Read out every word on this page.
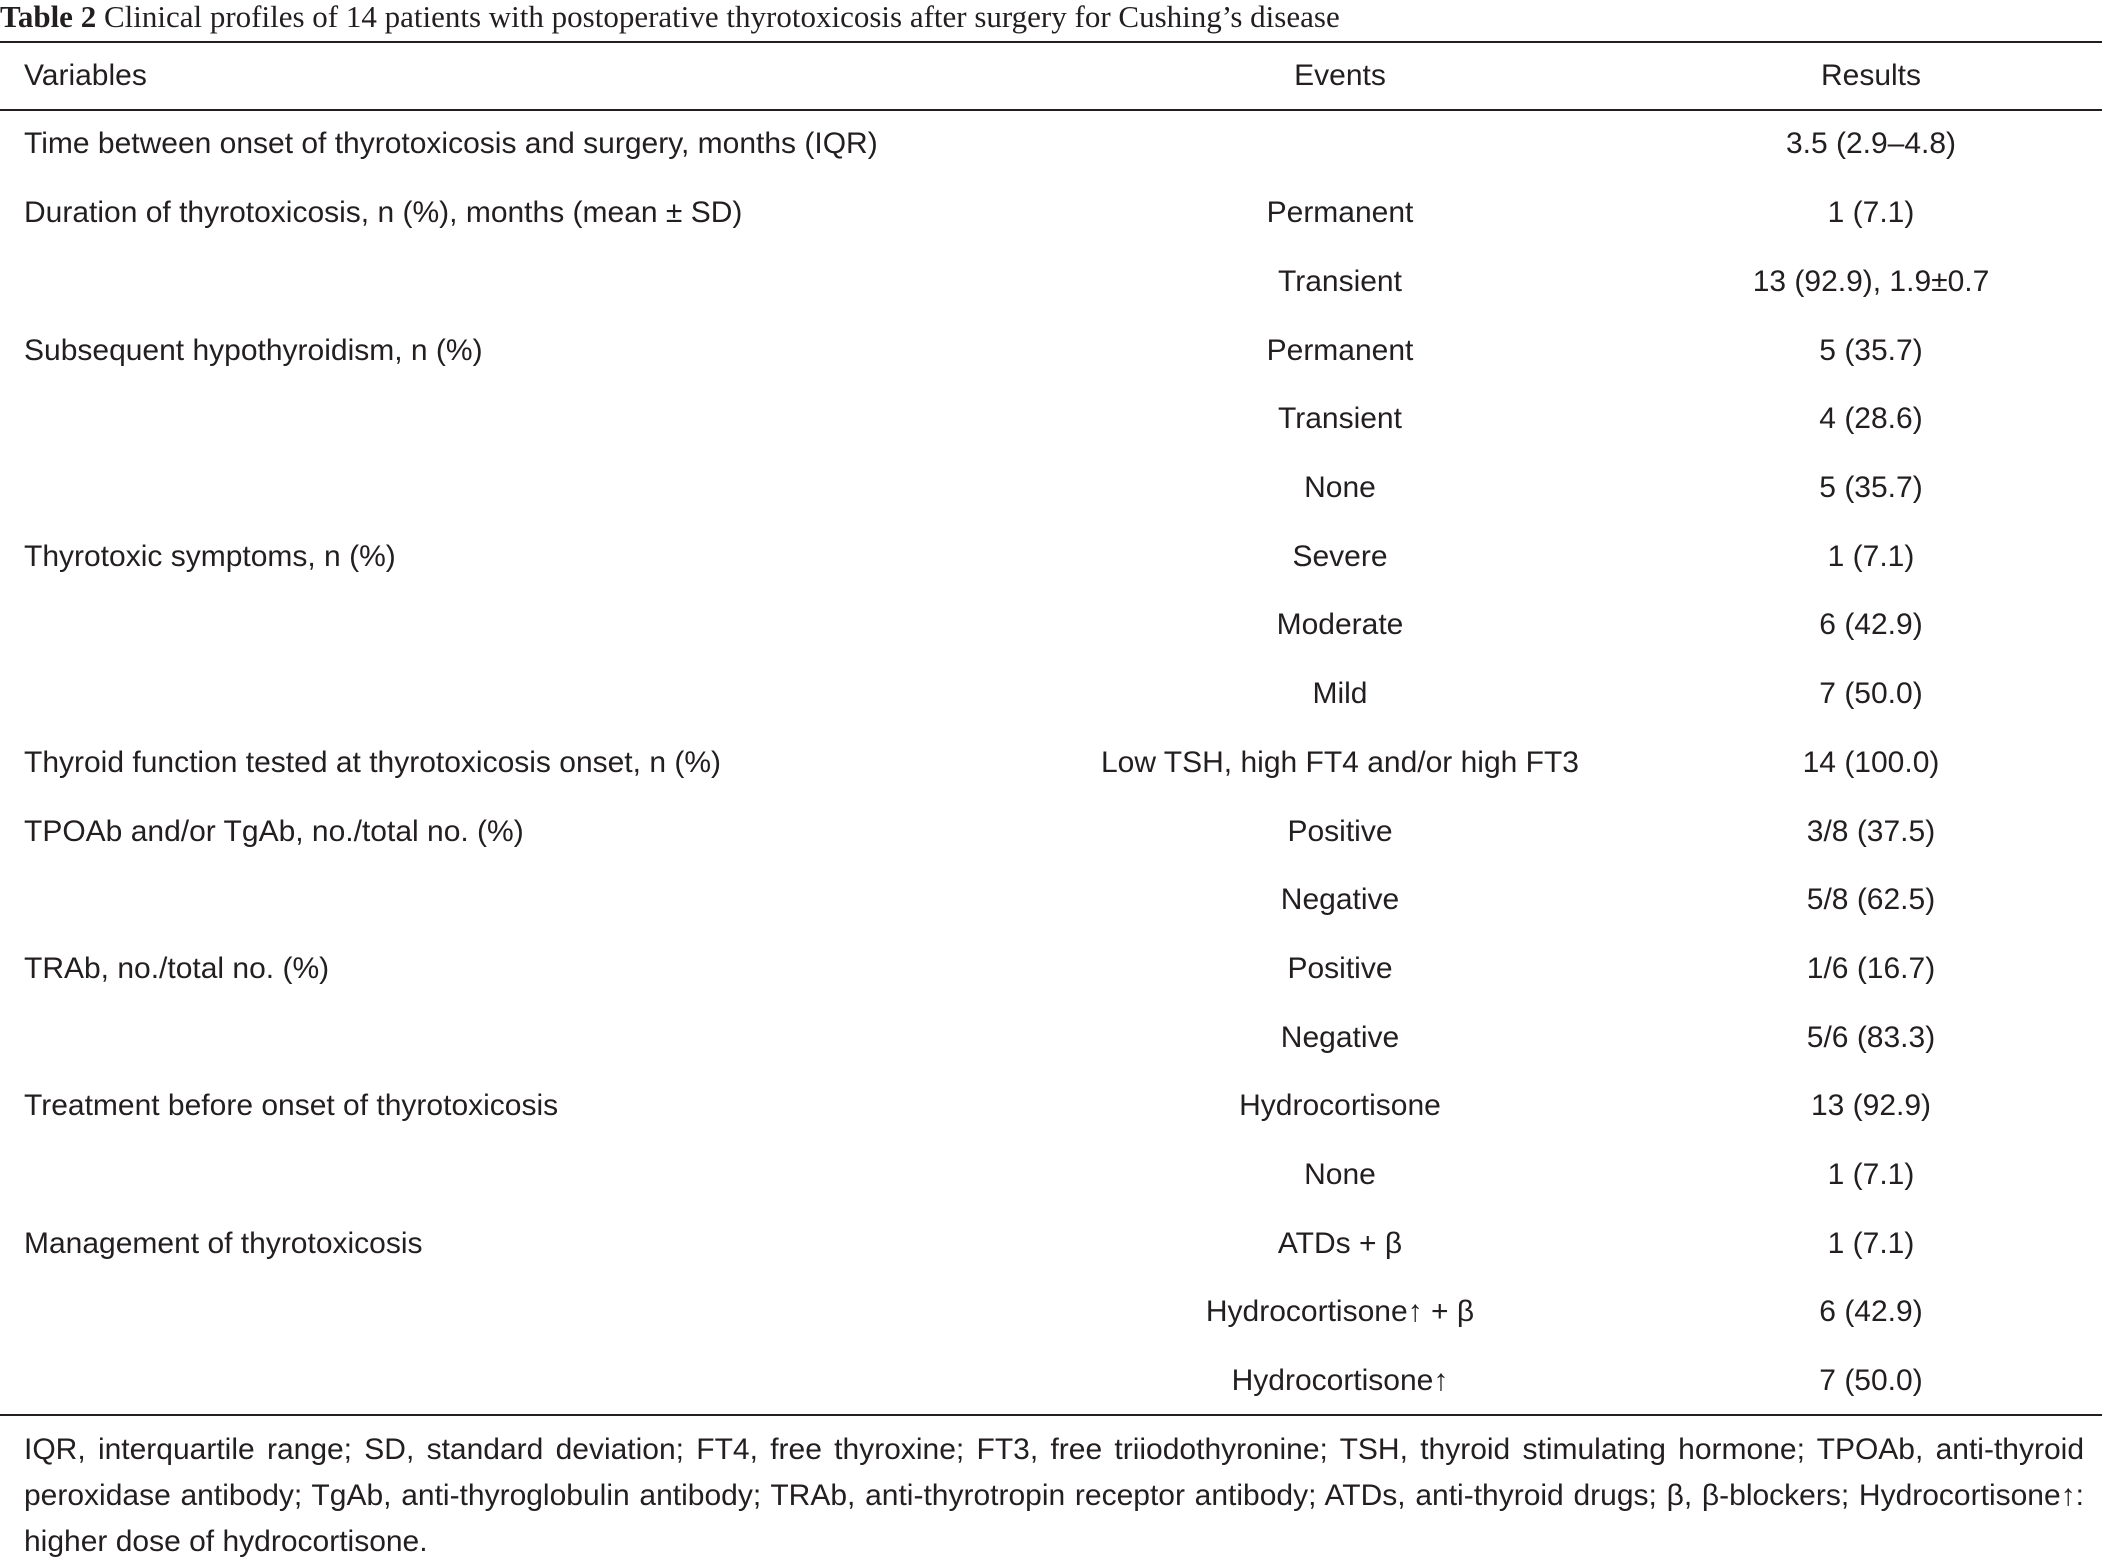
Table 2 Clinical profiles of 14 patients with postoperative thyrotoxicosis after surgery for Cushing’s disease
Variables	Events	Results
Time between onset of thyrotoxicosis and surgery, months (IQR)		3.5 (2.9–4.8)
Duration of thyrotoxicosis, n (%), months (mean ± SD)	Permanent	1 (7.1)
	Transient	13 (92.9), 1.9±0.7
Subsequent hypothyroidism, n (%)	Permanent	5 (35.7)
	Transient	4 (28.6)
	None	5 (35.7)
Thyrotoxic symptoms, n (%)	Severe	1 (7.1)
	Moderate	6 (42.9)
	Mild	7 (50.0)
Thyroid function tested at thyrotoxicosis onset, n (%)	Low TSH, high FT4 and/or high FT3	14 (100.0)
TPOAb and/or TgAb, no./total no. (%)	Positive	3/8 (37.5)
	Negative	5/8 (62.5)
TRAb, no./total no. (%)	Positive	1/6 (16.7)
	Negative	5/6 (83.3)
Treatment before onset of thyrotoxicosis	Hydrocortisone	13 (92.9)
	None	1 (7.1)
Management of thyrotoxicosis	ATDs + β	1 (7.1)
	Hydrocortisone↑ + β	6 (42.9)
	Hydrocortisone↑	7 (50.0)
IQR, interquartile range; SD, standard deviation; FT4, free thyroxine; FT3, free triiodothyronine; TSH, thyroid stimulating hormone; TPOAb, anti-thyroid peroxidase antibody; TgAb, anti-thyroglobulin antibody; TRAb, anti-thyrotropin receptor antibody; ATDs, anti-thyroid drugs; β, β-blockers; Hydrocortisone↑: higher dose of hydrocortisone.
